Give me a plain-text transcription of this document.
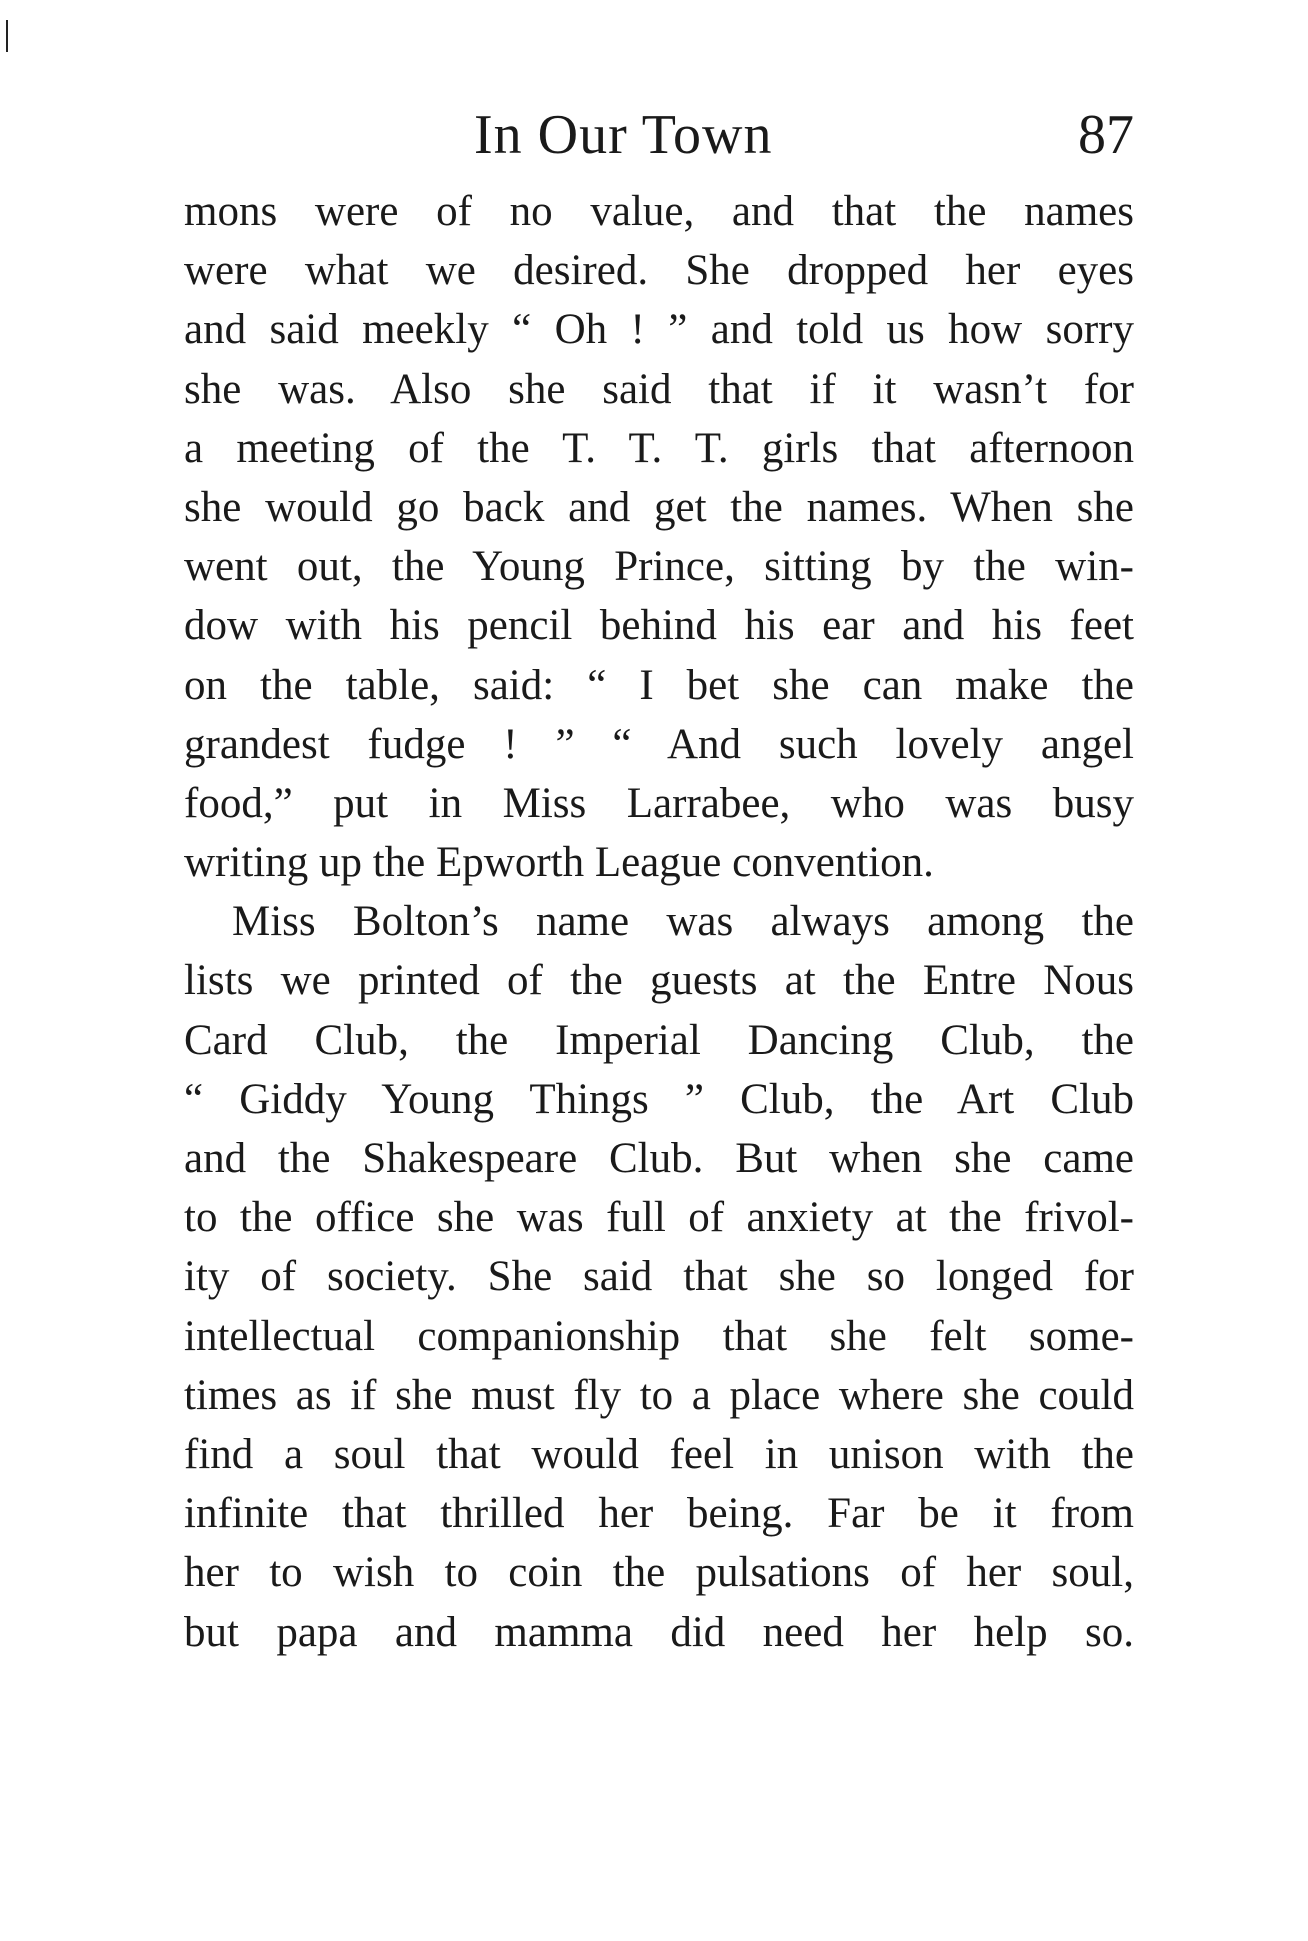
In Our Town	87
mons were of no value, and that the names
were what we desired. She dropped her eyes
and said meekly “ Oh ! ” and told us how sorry
she was. Also she said that if it wasn’t for
a meeting of the T. T. T. girls that afternoon
she would go back and get the names. When she
went out, the Young Prince, sitting by the win-
dow with his pencil behind his ear and his feet
on the table, said: “ I bet she can make the
grandest fudge ! ” “ And such lovely angel
food,” put in Miss Larrabee, who was busy
writing up the Epworth League convention.
Miss Bolton’s name was always among the
lists we printed of the guests at the Entre Nous
Card Club, the Imperial Dancing Club, the
“ Giddy Young Things ” Club, the Art Club
and the Shakespeare Club. But when she came
to the office she was full of anxiety at the frivol-
ity of society. She said that she so longed for
intellectual companionship that she felt some-
times as if she must fly to a place where she could
find a soul that would feel in unison with the
infinite that thrilled her being. Far be it from
her to wish to coin the pulsations of her soul,
but papa and mamma did need her help so.
